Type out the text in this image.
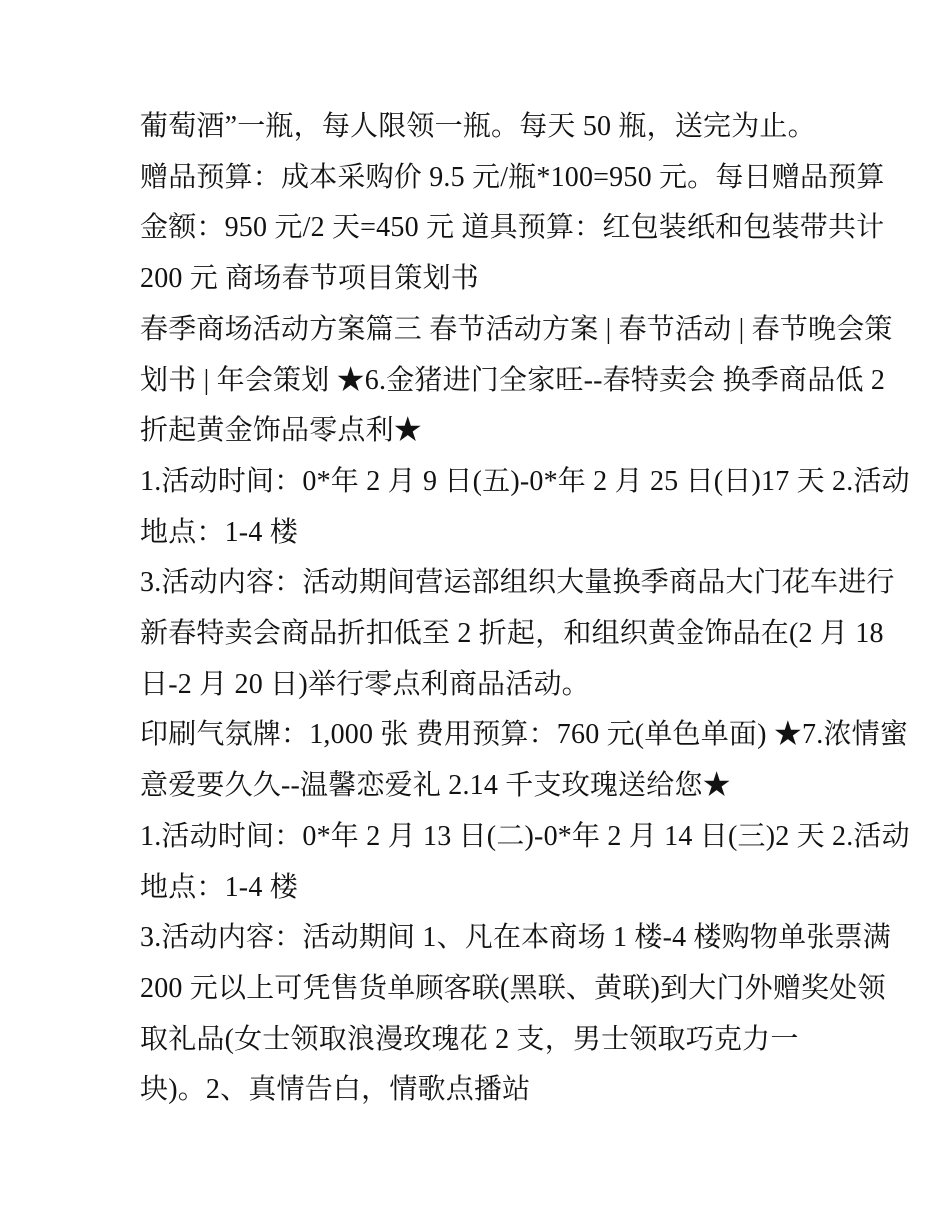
葡萄酒”一瓶，每人限领一瓶。每天 50 瓶，送完为止。

赠品预算：成本采购价 9.5 元/瓶*100=950 元。每日赠品预算

金额：950 元/2 天=450 元 道具预算：红包装纸和包装带共计

200 元 商场春节项目策划书

春季商场活动方案篇三 春节活动方案 | 春节活动 | 春节晚会策

划书 | 年会策划 ★6.金猪进门全家旺--春特卖会 换季商品低 2

折起黄金饰品零点利★

1.活动时间：0*年 2 月 9 日(五)-0*年 2 月 25 日(日)17 天 2.活动

地点：1-4 楼

3.活动内容：活动期间营运部组织大量换季商品大门花车进行

新春特卖会商品折扣低至 2 折起，和组织黄金饰品在(2 月 18

日-2 月 20 日)举行零点利商品活动。

印刷气氛牌：1,000 张 费用预算：760 元(单色单面) ★7.浓情蜜

意爱要久久--温馨恋爱礼 2.14 千支玫瑰送给您★

1.活动时间：0*年 2 月 13 日(二)-0*年 2 月 14 日(三)2 天 2.活动

地点：1-4 楼

3.活动内容：活动期间 1、凡在本商场 1 楼-4 楼购物单张票满

200 元以上可凭售货单顾客联(黑联、黄联)到大门外赠奖处领

取礼品(女士领取浪漫玫瑰花 2 支，男士领取巧克力一

块)。2、真情告白，情歌点播站
